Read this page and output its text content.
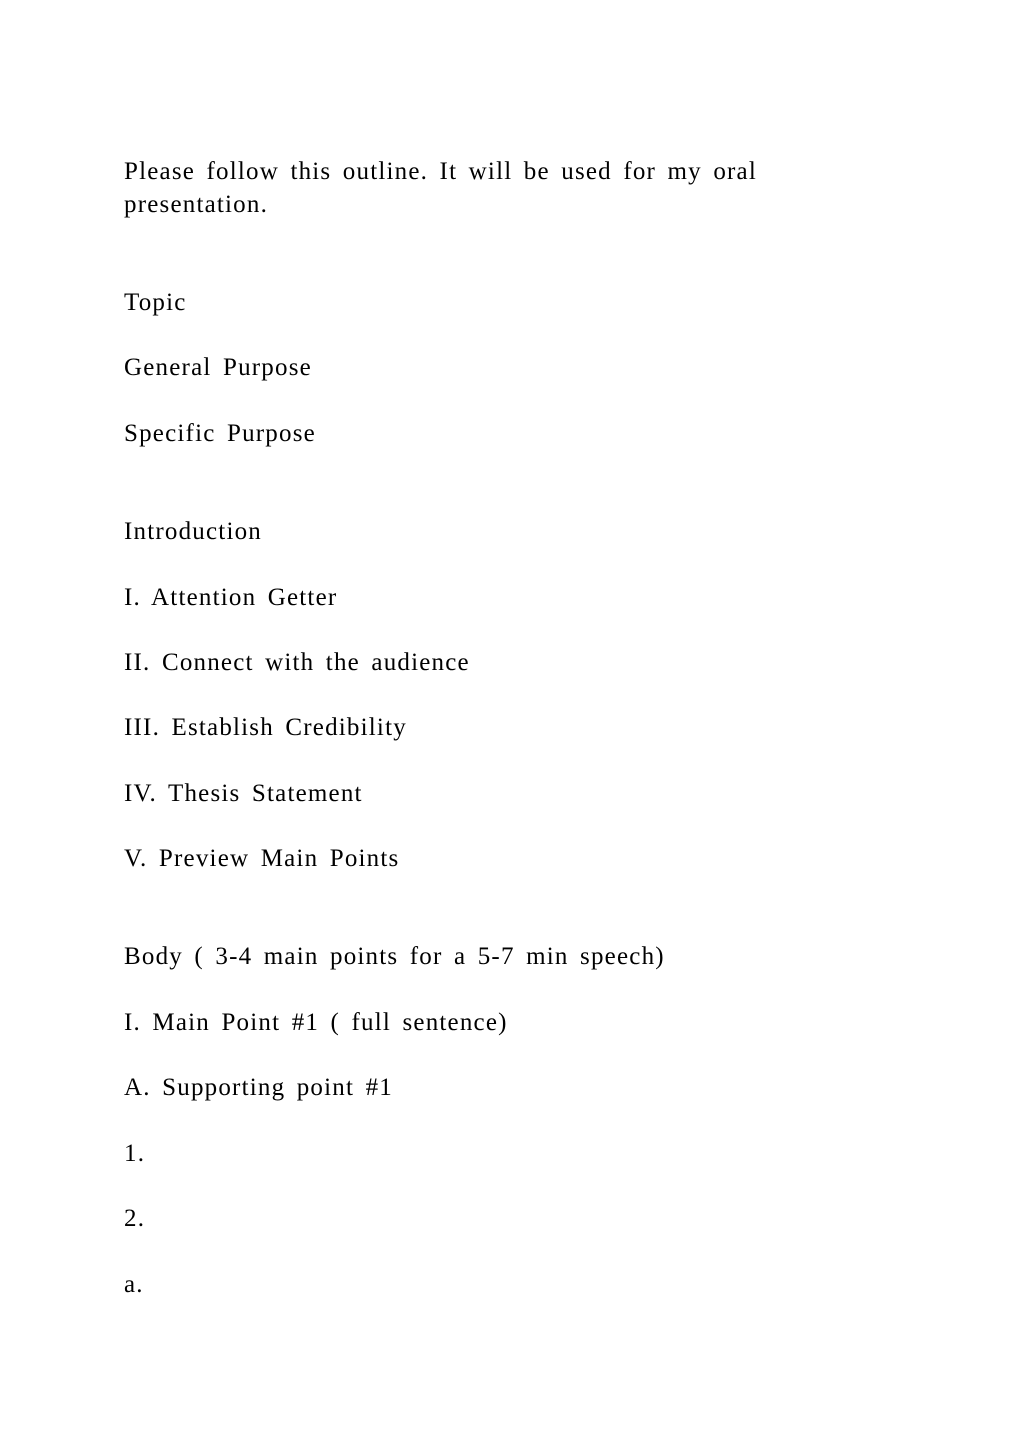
Please follow this outline. It will be used for my oral
presentation.

Topic

General Purpose

Specific Purpose

Introduction

I. Attention Getter

II. Connect with the audience

III. Establish Credibility

IV. Thesis Statement

V. Preview Main Points

Body ( 3-4 main points for a 5-7 min speech)

I. Main Point #1 ( full sentence)

A. Supporting point #1

1.

2.

a.
